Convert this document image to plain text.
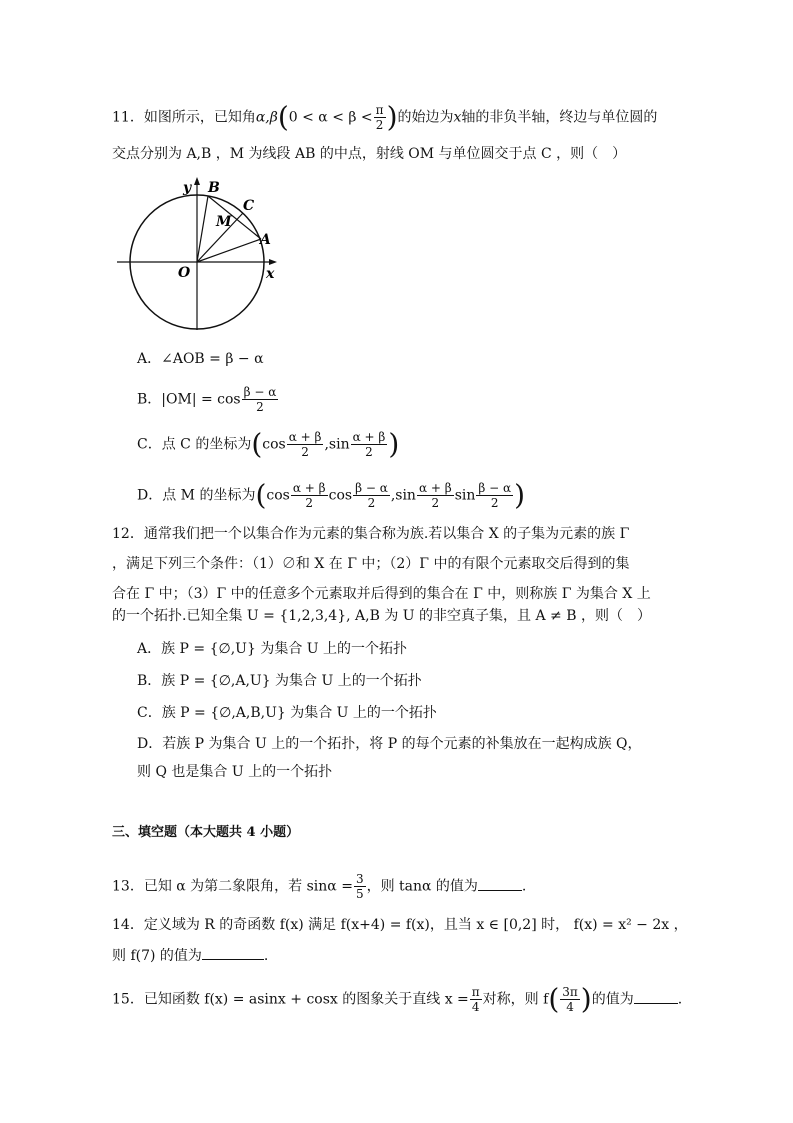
11．如图所示，已知角$\alpha,\beta(0 < \alpha < \beta < \frac{\pi}{2}$ )的始边为x轴的非负半轴，终边与单位圆的
交点分别为 A,B ，M 为线段 AB 的中点，射线 OM 与单位圆交于点 C ，则（　）
y
x
O
A
B
C
M
A．∠AOB = β − α
B．$|OM| = \cos \frac{\beta - \alpha}{2}$
C．点 C 的坐标为($\cos \frac{\alpha + \beta}{2} ,\sin \frac{\alpha + \beta}{2}$ )
D．点 M 的坐标为($\cos \frac{\alpha + \beta}{2}$ $\cos \frac{\beta - \alpha}{2} ,\sin \frac{\alpha + \beta}{2}$ $\sin \frac{\beta - \alpha}{2}$ )
12．通常我们把一个以集合作为元素的集合称为族.若以集合 X 的子集为元素的族 Γ
，满足下列三个条件：（1）∅和 X 在 Γ 中；（2）Γ 中的有限个元素取交后得到的集
合在 Γ 中；（3）Γ 中的任意多个元素取并后得到的集合在 Γ 中，则称族 Γ 为集合 X 上
的一个拓扑.已知全集 U = {1,2,3,4}, A,B 为 U 的非空真子集，且 A ≠ B ，则（　）
A．族 P = {∅,U} 为集合 U 上的一个拓扑
B．族 P = {∅,A,U} 为集合 U 上的一个拓扑
C．族 P = {∅,A,B,U} 为集合 U 上的一个拓扑
D．若族 P 为集合 U 上的一个拓扑，将 P 的每个元素的补集放在一起构成族 Q，
则 Q 也是集合 U 上的一个拓扑
三、填空题（本大题共 4 小题）
13．已知 α 为第二象限角，若 $\sin\alpha = \frac{3}{5}$ ，则 tanα 的值为	.
14．定义域为 R 的奇函数 f(x) 满足 f(x+4) = f(x)，且当 x ∈ [0,2] 时， f(x) = x² − 2x ，
则 f(7) 的值为	.
15．已知函数 f(x) = asinx + cosx 的图象关于直线 $x = \frac{\pi}{4}$ 对称，则 $f( \frac{3\pi}{4}$ )的值为	.
